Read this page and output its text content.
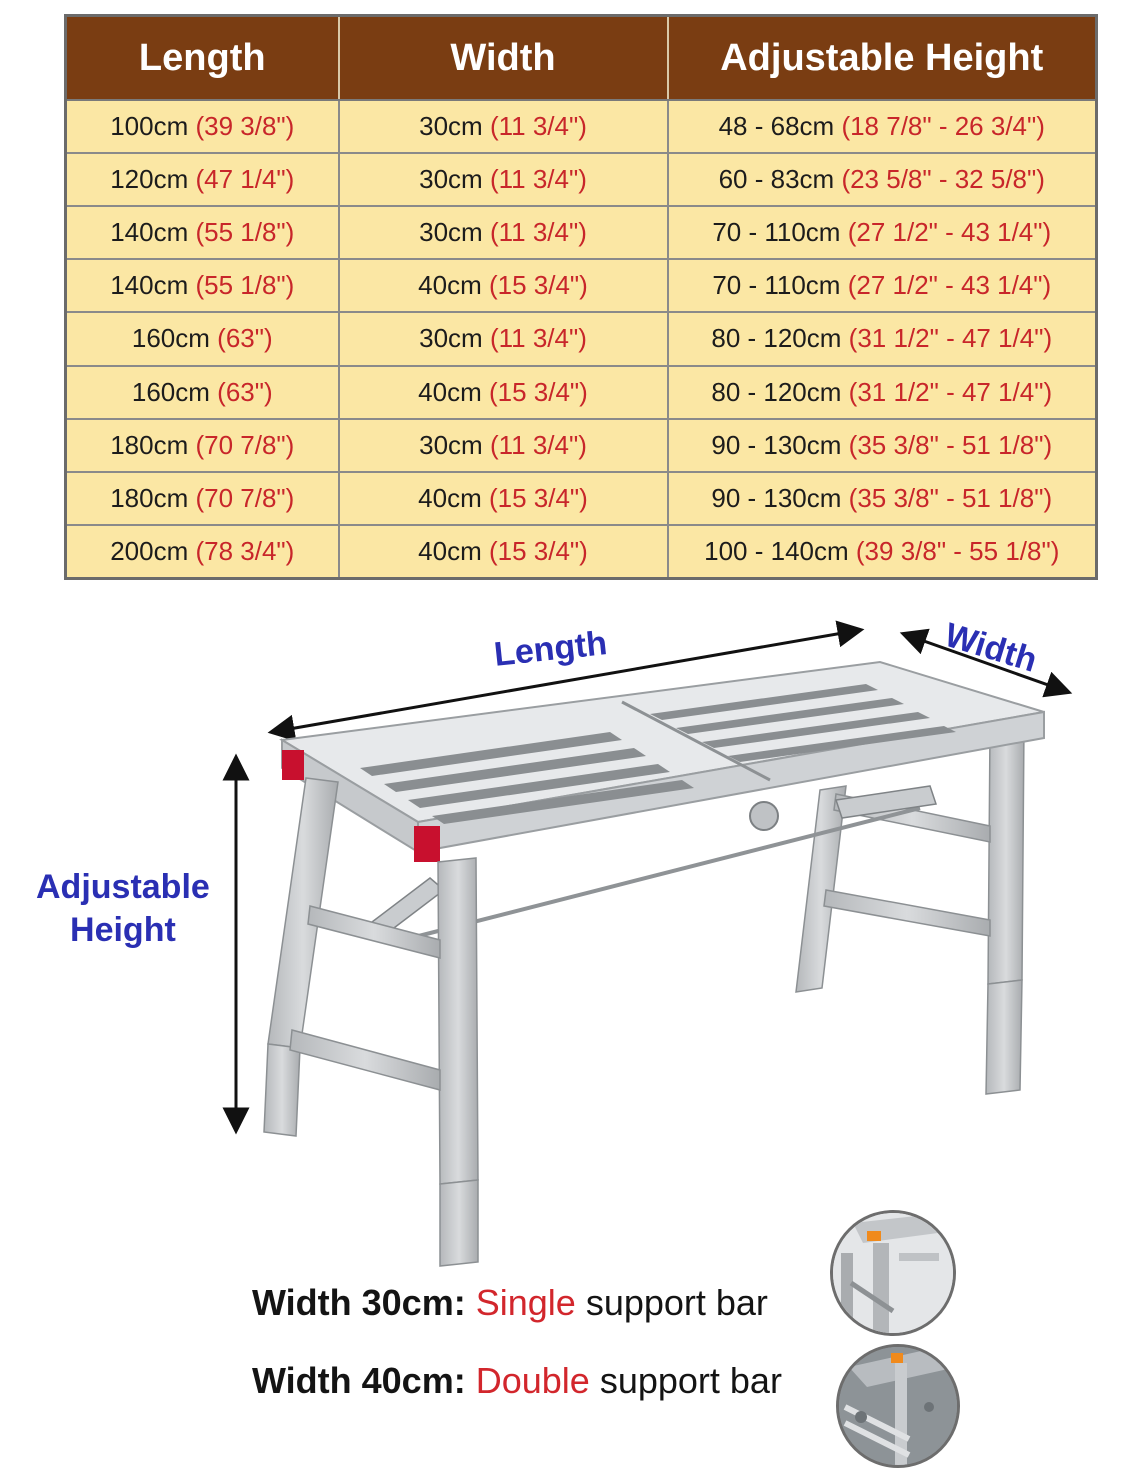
Length	Width	Adjustable Height
100cm (39 3/8")	30cm (11 3/4")	48 - 68cm (18 7/8" - 26 3/4")
120cm (47 1/4")	30cm (11 3/4")	60 - 83cm (23 5/8" - 32 5/8")
140cm (55 1/8")	30cm (11 3/4")	70 - 110cm (27 1/2" - 43 1/4")
140cm (55 1/8")	40cm (15 3/4")	70 - 110cm (27 1/2" - 43 1/4")
160cm (63")	30cm (11 3/4")	80 - 120cm (31 1/2" - 47 1/4")
160cm (63")	40cm (15 3/4")	80 - 120cm (31 1/2" - 47 1/4")
180cm (70 7/8")	30cm (11 3/4")	90 - 130cm (35 3/8" - 51 1/8")
180cm (70 7/8")	40cm (15 3/4")	90 - 130cm (35 3/8" - 51 1/8")
200cm (78 3/4")	40cm (15 3/4")	100 - 140cm (39 3/8" - 55 1/8")
Length	Width
Adjustable
Height
Width 30cm: Single support bar
Width 40cm: Double support bar
